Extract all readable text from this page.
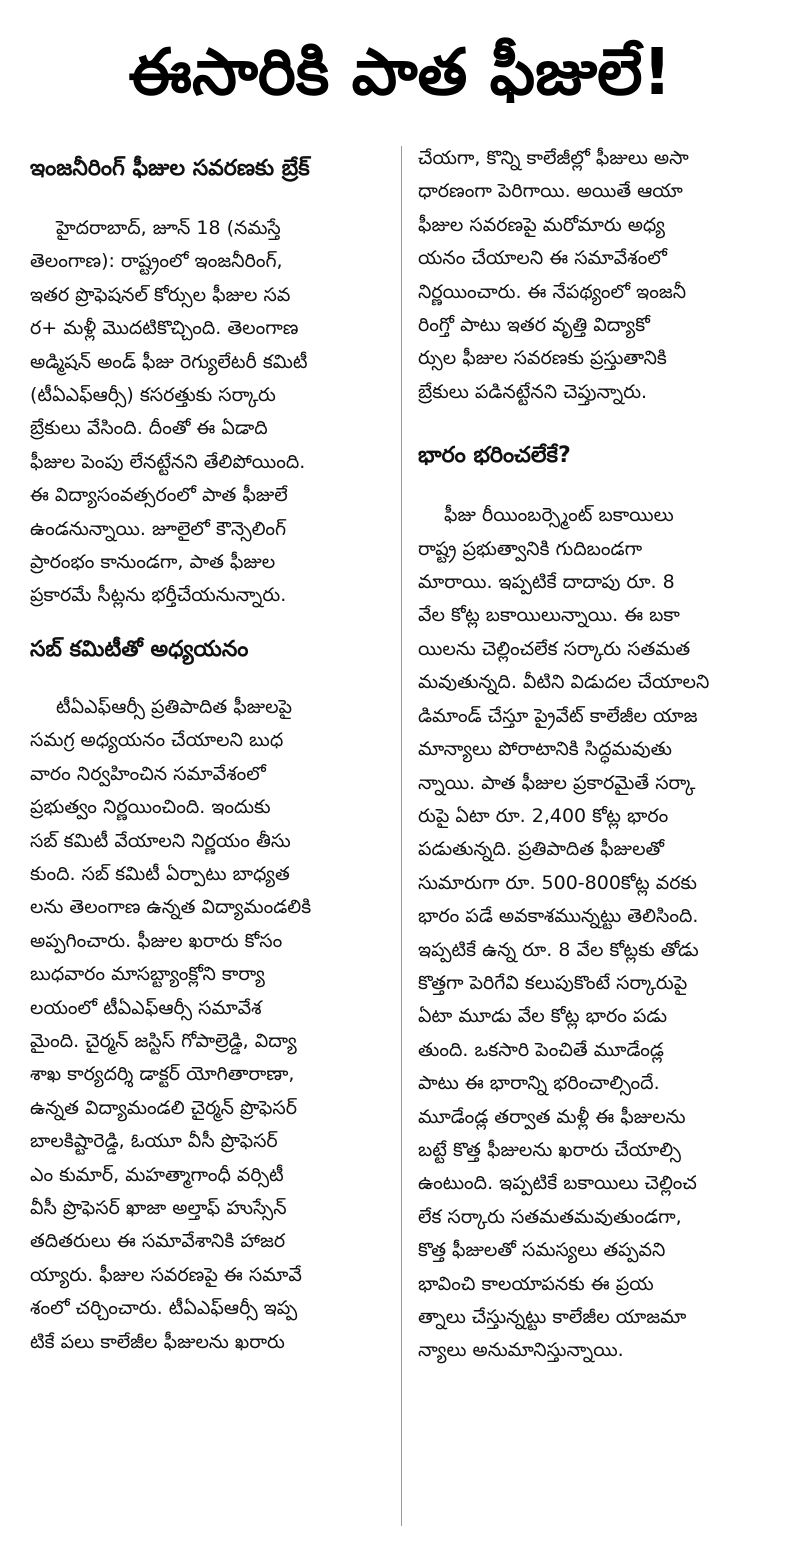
ఈసారికి పాత ఫీజులే!
ఇంజనీరింగ్ ఫీజుల సవరణకు బ్రేక్
హైదరాబాద్, జూన్ 18 (నమస్తే
తెలంగాణ): రాష్ట్రంలో ఇంజనీరింగ్,
ఇతర ప్రొఫెషనల్ కోర్సుల ఫీజుల సవ
ర+ మళ్లీ మొదటికొచ్చింది. తెలంగాణ
అడ్మిషన్ అండ్ ఫీజు రెగ్యులేటరీ కమిటీ
(టీఏఎఫ్ఆర్సీ) కసరత్తుకు సర్కారు
బ్రేకులు వేసింది. దీంతో ఈ ఏడాది
ఫీజుల పెంపు లేనట్టేనని తేలిపోయింది.
ఈ విద్యాసంవత్సరంలో పాత ఫీజులే
ఉండనున్నాయి. జూలైలో కౌన్సెలింగ్
ప్రారంభం కానుండగా, పాత ఫీజుల
ప్రకారమే సీట్లను భర్తీచేయనున్నారు.
సబ్ కమిటీతో అధ్యయనం
టీఏఎఫ్ఆర్సీ ప్రతిపాదిత ఫీజులపై
సమగ్ర అధ్యయనం చేయాలని బుధ
వారం నిర్వహించిన సమావేశంలో
ప్రభుత్వం నిర్ణయించింది. ఇందుకు
సబ్ కమిటీ వేయాలని నిర్ణయం తీసు
కుంది. సబ్ కమిటీ ఏర్పాటు బాధ్యత
లను తెలంగాణ ఉన్నత విద్యామండలికి
అప్పగించారు. ఫీజుల ఖరారు కోసం
బుధవారం మాసబ్ట్యాంక్లోని కార్యా
లయంలో టీఏఎఫ్ఆర్సీ సమావేశ
మైంది. చైర్మన్ జస్టిస్ గోపాల్రెడ్డి, విద్యా
శాఖ కార్యదర్శి డాక్టర్ యోగితారాణా,
ఉన్నత విద్యామండలి చైర్మన్ ప్రొఫెసర్
బాలకిష్టారెడ్డి, ఓయూ వీసీ ప్రొఫెసర్
ఎం కుమార్, మహత్మాగాంధీ వర్సిటీ
వీసీ ప్రొఫెసర్ ఖాజా అల్తాఫ్ హుస్సేన్
తదితరులు ఈ సమావేశానికి హాజర
య్యారు. ఫీజుల సవరణపై ఈ సమావే
శంలో చర్చించారు. టీఏఎఫ్ఆర్సీ ఇప్ప
టికే పలు కాలేజీల ఫీజులను ఖరారు
చేయగా, కొన్ని కాలేజీల్లో ఫీజులు అసా
ధారణంగా పెరిగాయి. అయితే ఆయా
ఫీజుల సవరణపై మరోమారు అధ్య
యనం చేయాలని ఈ సమావేశంలో
నిర్ణయించారు. ఈ నేపథ్యంలో ఇంజనీ
రింగ్తో పాటు ఇతర వృత్తి విద్యాకో
ర్సుల ఫీజుల సవరణకు ప్రస్తుతానికి
బ్రేకులు పడినట్టేనని చెప్తున్నారు.
భారం భరించలేకే?
ఫీజు రీయింబర్స్మెంట్ బకాయిలు
రాష్ట్ర ప్రభుత్వానికి గుదిబండగా
మారాయి. ఇప్పటికే దాదాపు రూ. 8
వేల కోట్ల బకాయిలున్నాయి. ఈ బకా
యిలను చెల్లించలేక సర్కారు సతమత
మవుతున్నది. వీటిని విడుదల చేయాలని
డిమాండ్ చేస్తూ ప్రైవేట్ కాలేజీల యాజ
మాన్యాలు పోరాటానికి సిద్ధమవుతు
న్నాయి. పాత ఫీజుల ప్రకారమైతే సర్కా
రుపై ఏటా రూ. 2,400 కోట్ల భారం
పడుతున్నది. ప్రతిపాదిత ఫీజులతో
సుమారుగా రూ. 500-800కోట్ల వరకు
భారం పడే అవకాశమున్నట్టు తెలిసింది.
ఇప్పటికే ఉన్న రూ. 8 వేల కోట్లకు తోడు
కొత్తగా పెరిగేవి కలుపుకొంటే సర్కారుపై
ఏటా మూడు వేల కోట్ల భారం పడు
తుంది. ఒకసారి పెంచితే మూడేండ్ల
పాటు ఈ భారాన్ని భరించాల్సిందే.
మూడేండ్ల తర్వాత మళ్లీ ఈ ఫీజులను
బట్టే కొత్త ఫీజులను ఖరారు చేయాల్సి
ఉంటుంది. ఇప్పటికే బకాయిలు చెల్లించ
లేక సర్కారు సతమతమవుతుండగా,
కొత్త ఫీజులతో సమస్యలు తప్పవని
భావించి కాలయాపనకు ఈ ప్రయ
త్నాలు చేస్తున్నట్టు కాలేజీల యాజమా
న్యాలు అనుమానిస్తున్నాయి.
